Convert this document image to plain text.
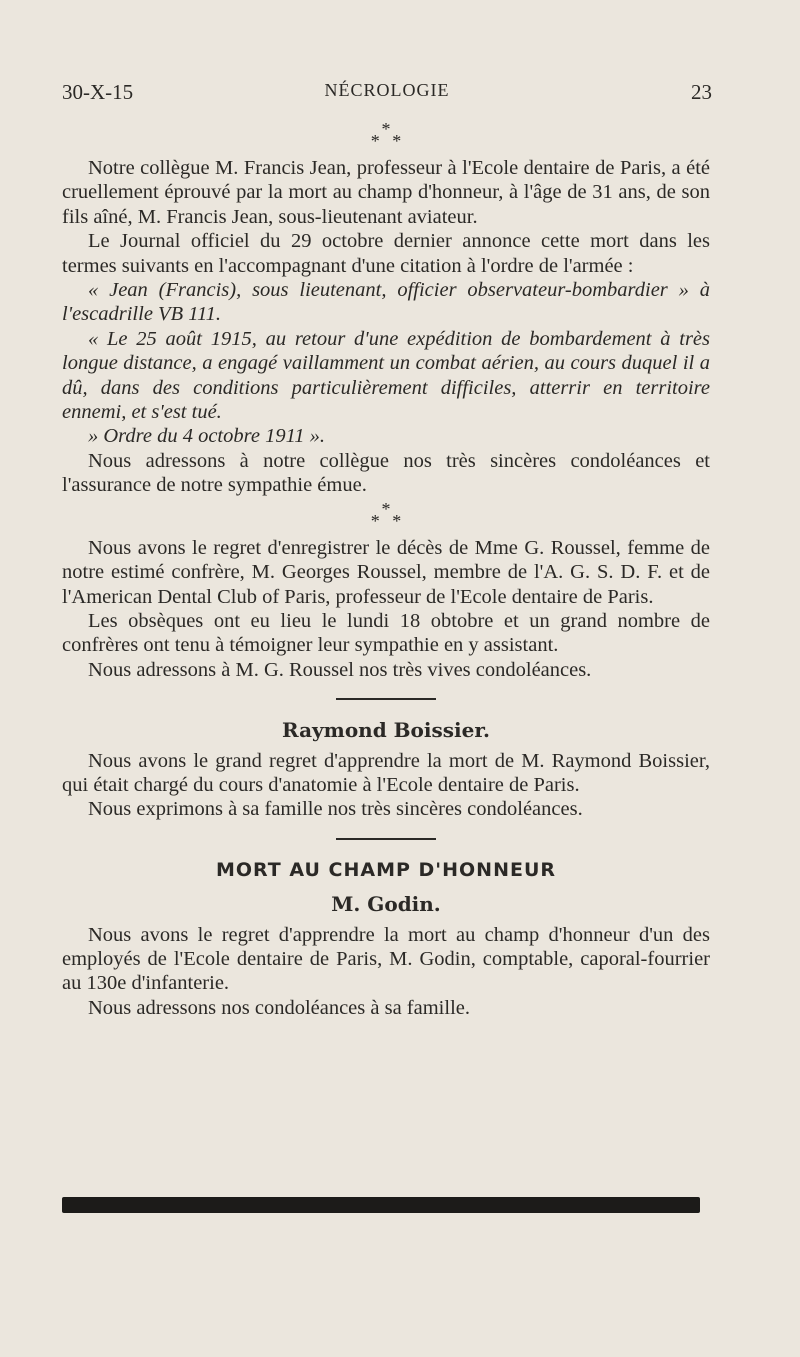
30-X-15	NÉCROLOGIE	23
*
* *

Notre collègue M. Francis Jean, professeur à l'Ecole dentaire de Paris, a été cruellement éprouvé par la mort au champ d'honneur, à l'âge de 31 ans, de son fils aîné, M. Francis Jean, sous-lieutenant aviateur.

Le Journal officiel du 29 octobre dernier annonce cette mort dans les termes suivants en l'accompagnant d'une citation à l'ordre de l'armée :

« Jean (Francis), sous lieutenant, officier observateur-bombardier » à l'escadrille VB 111.

« Le 25 août 1915, au retour d'une expédition de bombardement à très longue distance, a engagé vaillamment un combat aérien, au cours duquel il a dû, dans des conditions particulièrement difficiles, atterrir en territoire ennemi, et s'est tué.

» Ordre du 4 octobre 1911 ».

Nous adressons à notre collègue nos très sincères condoléances et l'assurance de notre sympathie émue.

*
* *

Nous avons le regret d'enregistrer le décès de Mme G. Roussel, femme de notre estimé confrère, M. Georges Roussel, membre de l'A. G. S. D. F. et de l'American Dental Club of Paris, professeur de l'Ecole dentaire de Paris.

Les obsèques ont eu lieu le lundi 18 obtobre et un grand nombre de confrères ont tenu à témoigner leur sympathie en y assistant.

Nous adressons à M. G. Roussel nos très vives condoléances.

Raymond Boissier.

Nous avons le grand regret d'apprendre la mort de M. Raymond Boissier, qui était chargé du cours d'anatomie à l'Ecole dentaire de Paris.

Nous exprimons à sa famille nos très sincères condoléances.

MORT AU CHAMP D'HONNEUR
M. Godin.

Nous avons le regret d'apprendre la mort au champ d'honneur d'un des employés de l'Ecole dentaire de Paris, M. Godin, comptable, caporal-fourrier au 130e d'infanterie.

Nous adressons nos condoléances à sa famille.
